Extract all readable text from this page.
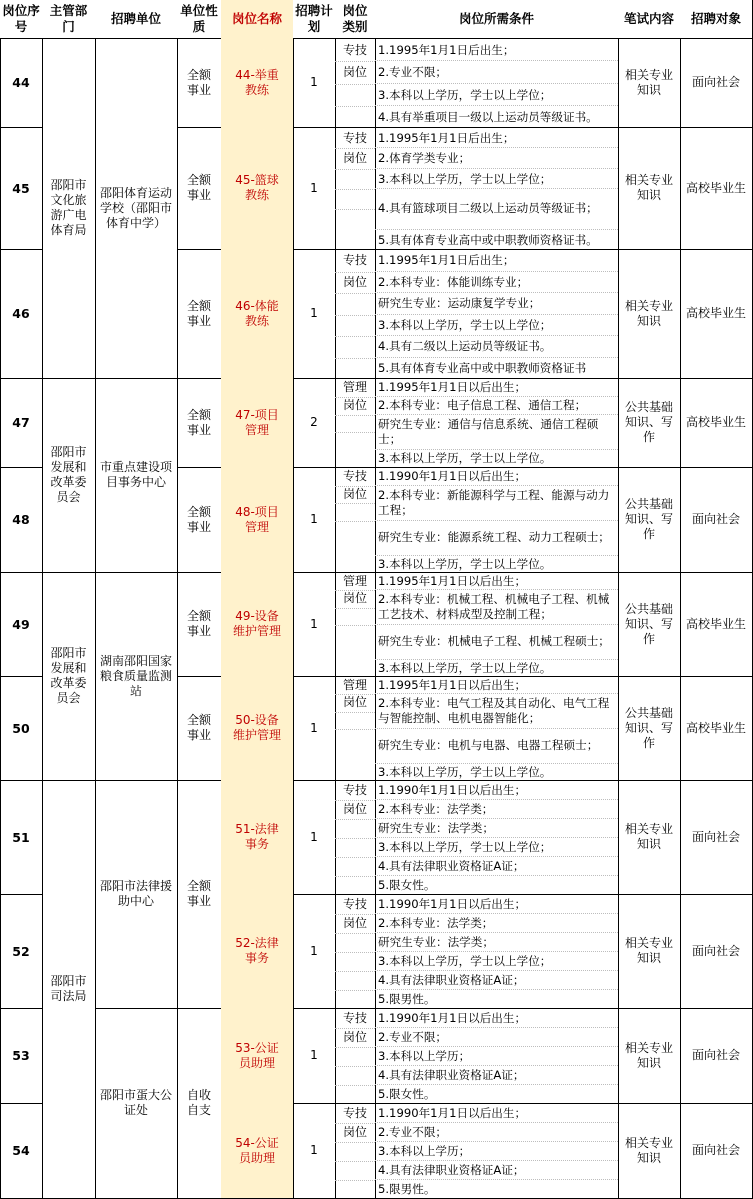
岗位序号
主管部门
招聘单位
单位性质
岗位名称
招聘计划
岗位类别
岗位所需条件	笔试内容 招聘对象
邵阳市文化旅游广电体育局
邵阳市发展和改革委员会
邵阳市发展和改革委员会
邵阳市司法局
邵阳体育运动学校（邵阳市体育中学）
市重点建设项目事务中心
湖南邵阳国家粮食质量监测站
邵阳市法律援助中心
邵阳市蛋大公证处
全额事业
全额事业
全额事业
全额事业
全额事业
全额事业
全额事业
全额事业
自收自支
44
44-举重教练
1
专技
岗位
1.1995年1月1日后出生；
2.专业不限；
3.本科以上学历，学士以上学位；
4.具有举重项目一级以上运动员等级证书。
相关专业知识
面向社会
45
45-篮球教练
1
专技
岗位
1.1995年1月1日后出生；
2.体育学类专业；
3.本科以上学历，学士以上学位；
4.具有篮球项目二级以上运动员等级证书；
5.具有体育专业高中或中职教师资格证书。
相关专业知识
高校毕业生
46
46-体能教练
1
专技
岗位
1.1995年1月1日后出生；
2.本科专业：体能训练专业；
研究生专业：运动康复学专业；
3.本科以上学历，学士以上学位；
4.具有二级以上运动员等级证书。
5.具有体育专业高中或中职教师资格证书
相关专业知识
高校毕业生
47
47-项目管理
2
管理
岗位
1.1995年1月1日以后出生；
2.本科专业：电子信息工程、通信工程；
研究生专业：通信与信息系统、通信工程硕士；
3.本科以上学历，学士以上学位。
公共基础知识、写作
高校毕业生
48
48-项目管理
1
专技
岗位
1.1990年1月1日以后出生；
2.本科专业：新能源科学与工程、能源与动力工程；
研究生专业：能源系统工程、动力工程硕士；
3.本科以上学历，学士以上学位。
公共基础知识、写作
面向社会
49
49-设备维护管理
1
管理
岗位
1.1995年1月1日以后出生；
2.本科专业：机械工程、机械电子工程、机械工艺技术、材料成型及控制工程；
研究生专业：机械电子工程、机械工程硕士；
3.本科以上学历，学士以上学位。
公共基础知识、写作
高校毕业生
50
50-设备维护管理
1
管理
岗位
1.1995年1月1日以后出生；
2.本科专业：电气工程及其自动化、电气工程与智能控制、电机电器智能化；
研究生专业：电机与电器、电器工程硕士；
3.本科以上学历，学士以上学位。
公共基础知识、写作
高校毕业生
51
51-法律事务
1
专技
岗位
1.1990年1月1日以后出生；
2.本科专业：法学类；
研究生专业：法学类；
3.本科以上学历，学士以上学位；
4.具有法律职业资格证A证；
5.限女性。
相关专业知识
面向社会
52
52-法律事务
1
专技
岗位
1.1990年1月1日以后出生；
2.本科专业：法学类；
研究生专业：法学类；
3.本科以上学历，学士以上学位；
4.具有法律职业资格证A证；
5.限男性。
相关专业知识
面向社会
53
53-公证员助理
1
专技
岗位
1.1990年1月1日以后出生；
2.专业不限；
3.本科以上学历；
4.具有法律职业资格证A证；
5.限女性。
相关专业知识
面向社会
54
54-公证员助理
1
专技
岗位
1.1990年1月1日以后出生；
2.专业不限；
3.本科以上学历；
4.具有法律职业资格证A证；
5.限男性。
相关专业知识
面向社会
